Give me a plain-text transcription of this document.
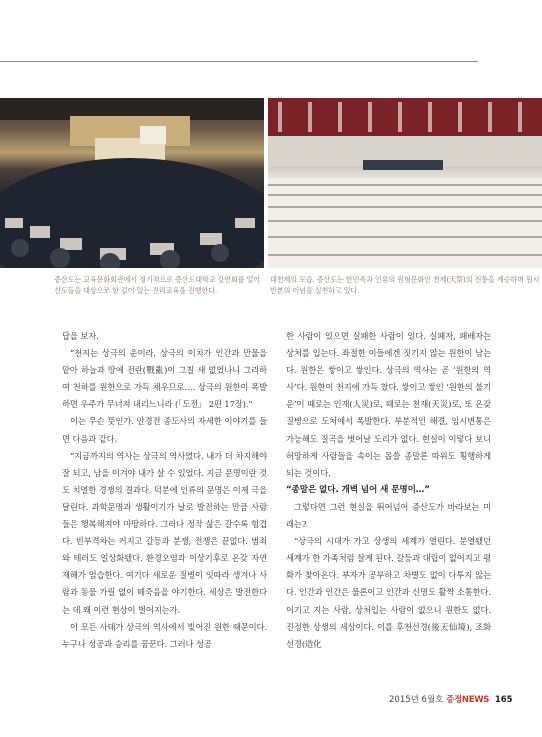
증산도는 교육문화회관에서 정기적으로 증산도대학교 강연회를 열어 신도들을 대상으로 한 깊이 있는 진리교육을 진행한다.
대천제의 모습. 증산도는 한민족과 인류의 원형문화인 천제(天祭)의 전통을 계승하며 원시반본의 이념을 실천하고 있다.

답을 보자.

“천지는 상극의 운이라, 상극의 이치가 인간과 만물을 맡아 하늘과 땅에 전란(戰亂)이 그칠 새 없었나니 그리하여 천하를 원한으로 가득 채우므로…. 상극의 원한이 폭발하면 우주가 무너져 내리느니라 (「도전」 2편 17장).”

이는 무슨 뜻인가. 안경전 종도사의 자세한 이야기를 들면 다음과 같다.

“지금까지의 역사는 상극의 역사였다. 내가 더 차지해야 잘 되고, 남을 이겨야 내가 살 수 있었다. 지금 문명이란 것도 치열한 경쟁의 결과다. 덕분에 인류의 문명은 이제 극을 달린다. 과학문명과 생활이기가 날로 발전하는 만큼 사람들은 행복해져야 마땅하다. 그러나 정작 삶은 갈수록 힘겹다. 빈부격차는 커지고 갈등과 분쟁, 전쟁은 끝없다. 범죄와 테러도 일상화됐다. 환경오염과 이상기후로 온갖 자연재해가 엄습한다. 여기다 새로운 질병이 잇따라 생겨나 사람과 동물 가릴 없이 떼죽음을 야기한다. 세상은 발전한다는 데 왜 이런 현상이 벌어지는가.

이 모든 사태가 상극의 역사에서 빚어진 원한 때문이다. 누구나 성공과 승리를 꿈꾼다. 그러나 성공

한 사람이 있으면 실패한 사람이 있다. 실패자, 패배자는 상처를 입는다. 좌절한 이들에겐 짓기지 않는 원한이 남는다. 원한은 쌓이고 쌓인다. 상극의 역사는 곧 ‘원한의 역사’다. 원한이 천지에 가득 찼다. 쌓이고 쌓인 ‘원한의 불기운’이 때로는 인재(人災)로, 때로는 천재(天災)로, 또 온갖 질병으로 도처에서 폭발한다. 부분적인 해결, 임시변통은 가능해도 질곡을 벗어날 도리가 없다. 현실이 이렇다 보니 허망하게 사람들을 속이는 몹쓸 종말론 따위도 횡행하게 되는 것이다.

“종말은 없다. 개벽 넘어 새 문명이…”

그렇다면 그런 현실을 뛰어넘어 증산도가 바라보는 미래는?

“상극의 시대가 가고 상생의 세계가 열린다. 분열됐던 세계가 한 가족처럼 살게 된다. 갈등과 대립이 없어지고 평화가 찾아온다. 부자가 공부하고 차별도 없이 다투지 않는다. 인간과 인간은 물론이고 인간과 신명도 활짝 소통한다. 이기고 지는 사람, 상처입는 사람이 없으니 원한도 없다. 진정한 상생의 세상이다. 이를 후천선경(後天仙境), 조화선경(造化

2015년 6월호 증정NEWS 165
